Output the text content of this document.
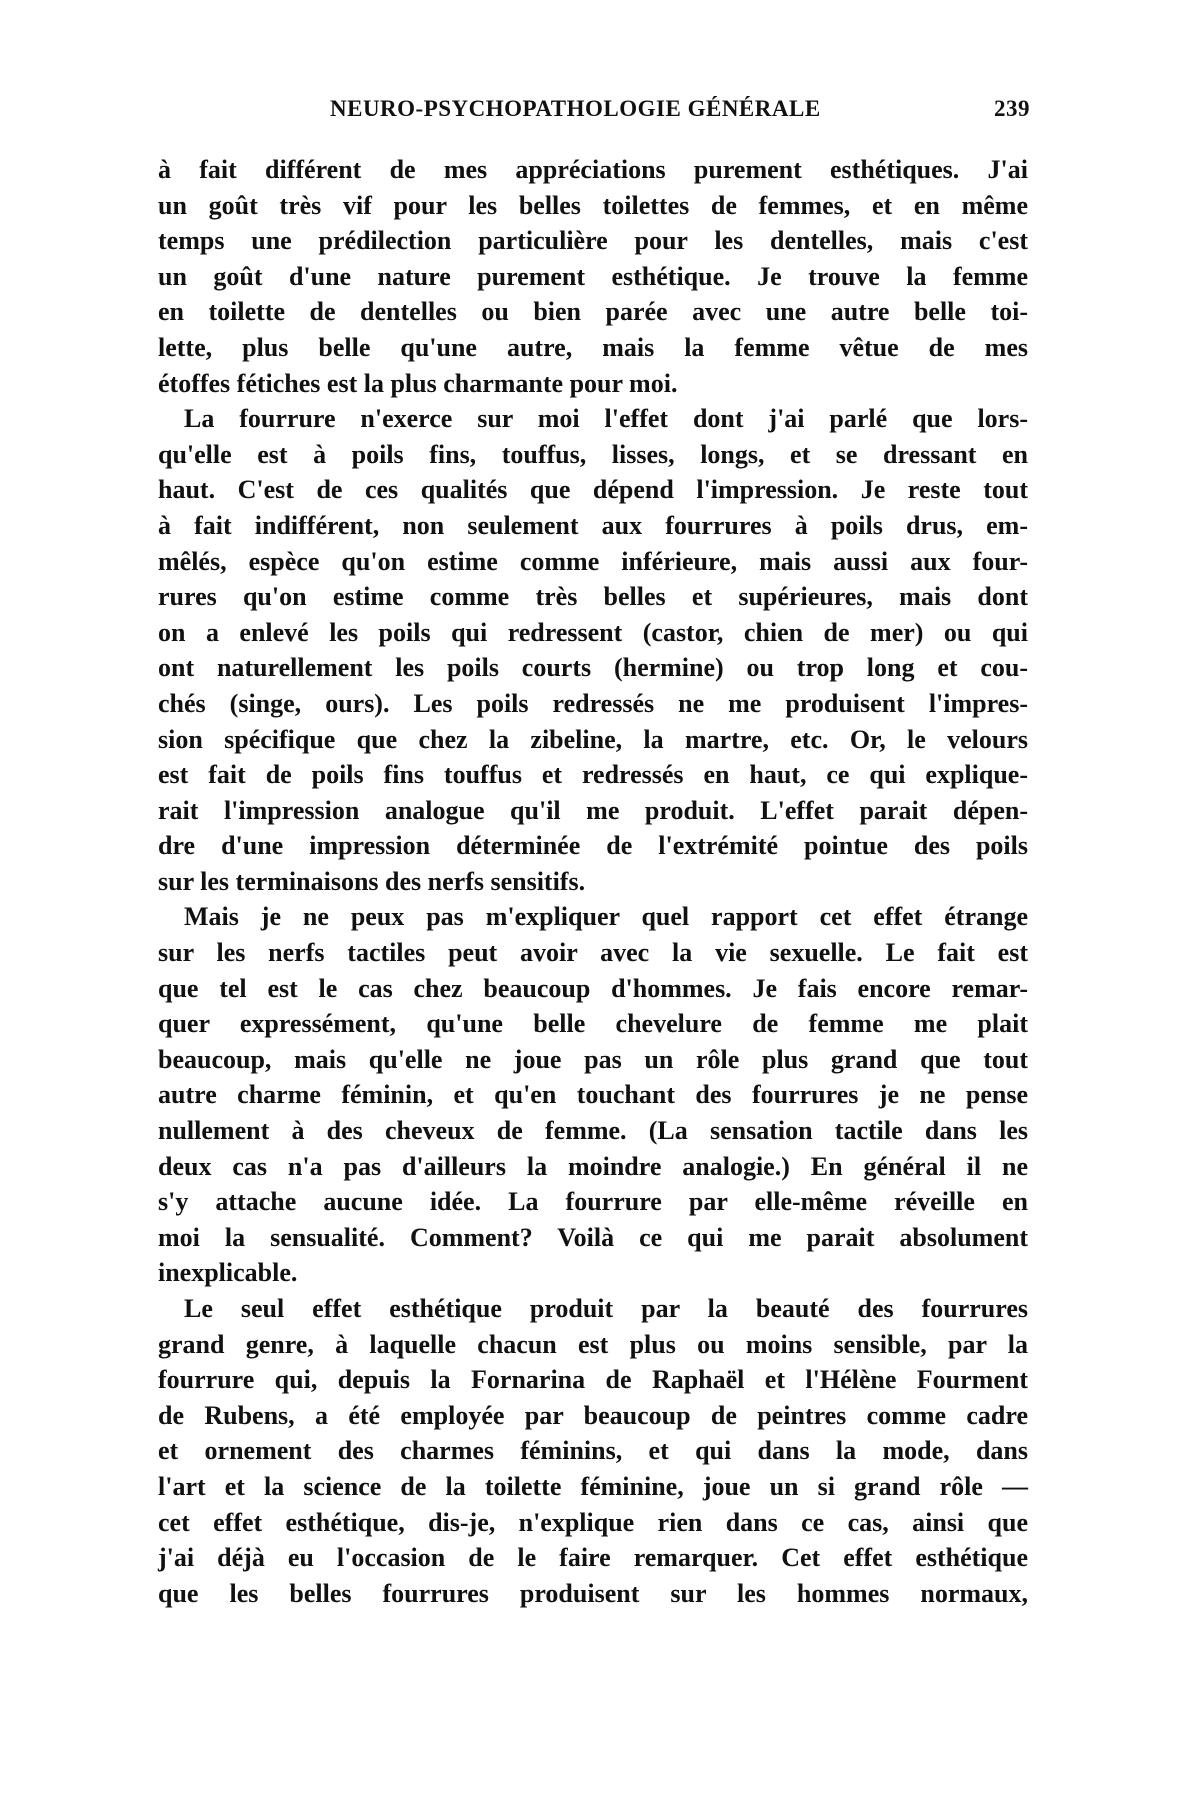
NEURO-PSYCHOPATHOLOGIE GÉNÉRALE	239
à fait différent de mes appréciations purement esthétiques. J'ai
un goût très vif pour les belles toilettes de femmes, et en même
temps une prédilection particulière pour les dentelles, mais c'est
un goût d'une nature purement esthétique. Je trouve la femme
en toilette de dentelles ou bien parée avec une autre belle toi-
lette, plus belle qu'une autre, mais la femme vêtue de mes
étoffes fétiches est la plus charmante pour moi.
La fourrure n'exerce sur moi l'effet dont j'ai parlé que lors-
qu'elle est à poils fins, touffus, lisses, longs, et se dressant en
haut. C'est de ces qualités que dépend l'impression. Je reste tout
à fait indifférent, non seulement aux fourrures à poils drus, em-
mêlés, espèce qu'on estime comme inférieure, mais aussi aux four-
rures qu'on estime comme très belles et supérieures, mais dont
on a enlevé les poils qui redressent (castor, chien de mer) ou qui
ont naturellement les poils courts (hermine) ou trop long et cou-
chés (singe, ours). Les poils redressés ne me produisent l'impres-
sion spécifique que chez la zibeline, la martre, etc. Or, le velours
est fait de poils fins touffus et redressés en haut, ce qui explique-
rait l'impression analogue qu'il me produit. L'effet parait dépen-
dre d'une impression déterminée de l'extrémité pointue des poils
sur les terminaisons des nerfs sensitifs.
Mais je ne peux pas m'expliquer quel rapport cet effet étrange
sur les nerfs tactiles peut avoir avec la vie sexuelle. Le fait est
que tel est le cas chez beaucoup d'hommes. Je fais encore remar-
quer expressément, qu'une belle chevelure de femme me plait
beaucoup, mais qu'elle ne joue pas un rôle plus grand que tout
autre charme féminin, et qu'en touchant des fourrures je ne pense
nullement à des cheveux de femme. (La sensation tactile dans les
deux cas n'a pas d'ailleurs la moindre analogie.) En général il ne
s'y attache aucune idée. La fourrure par elle-même réveille en
moi la sensualité. Comment? Voilà ce qui me parait absolument
inexplicable.
Le seul effet esthétique produit par la beauté des fourrures
grand genre, à laquelle chacun est plus ou moins sensible, par la
fourrure qui, depuis la Fornarina de Raphaël et l'Hélène Fourment
de Rubens, a été employée par beaucoup de peintres comme cadre
et ornement des charmes féminins, et qui dans la mode, dans
l'art et la science de la toilette féminine, joue un si grand rôle —
cet effet esthétique, dis-je, n'explique rien dans ce cas, ainsi que
j'ai déjà eu l'occasion de le faire remarquer. Cet effet esthétique
que les belles fourrures produisent sur les hommes normaux,
